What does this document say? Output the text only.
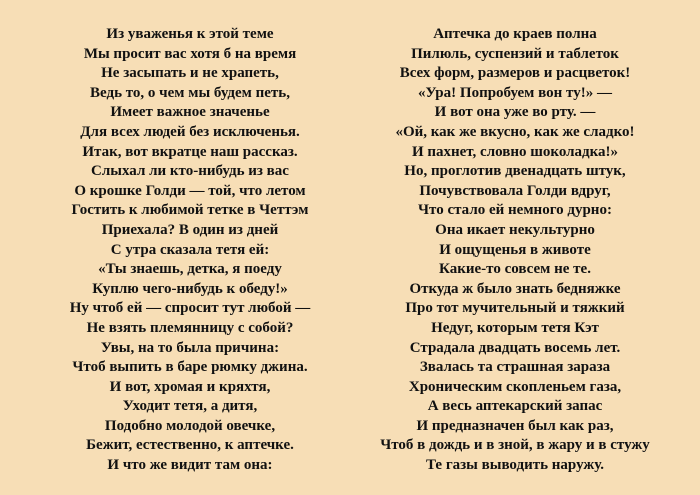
Из уваженья к этой теме
Мы просит вас хотя б на время
Не засыпать и не храпеть,
Ведь то, о чем мы будем петь,
Имеет важное значенье
Для всех людей без исключенья.
Итак, вот вкратце наш рассказ.
Слыхал ли кто-нибудь из вас
О крошке Голди — той, что летом
Гостить к любимой тетке в Четтэм
Приехала? В один из дней
С утра сказала тетя ей:
«Ты знаешь, детка, я поеду
Куплю чего-нибудь к обеду!»
Ну чтоб ей — спросит тут любой —
Не взять племянницу с собой?
Увы, на то была причина:
Чтоб выпить в баре рюмку джина.
И вот, хромая и кряхтя,
Уходит тетя, а дитя,
Подобно молодой овечке,
Бежит, естественно, к аптечке.
И что же видит там она:
Аптечка до краев полна
Пилюль, суспензий и таблеток
Всех форм, размеров и расцветок!
«Ура! Попробуем вон ту!» —
И вот она уже во рту. —
«Ой, как же вкусно, как же сладко!
И пахнет, словно шоколадка!»
Но, проглотив двенадцать штук,
Почувствовала Голди вдруг,
Что стало ей немного дурно:
Она икает некультурно
И ощущенья в животе
Какие-то совсем не те.
Откуда ж было знать бедняжке
Про тот мучительный и тяжкий
Недуг, которым тетя Кэт
Страдала двадцать восемь лет.
Звалась та страшная зараза
Хроническим скопленьем газа,
А весь аптекарский запас
И предназначен был как раз,
Чтоб в дождь и в зной, в жару и в стужу
Те газы выводить наружу.
